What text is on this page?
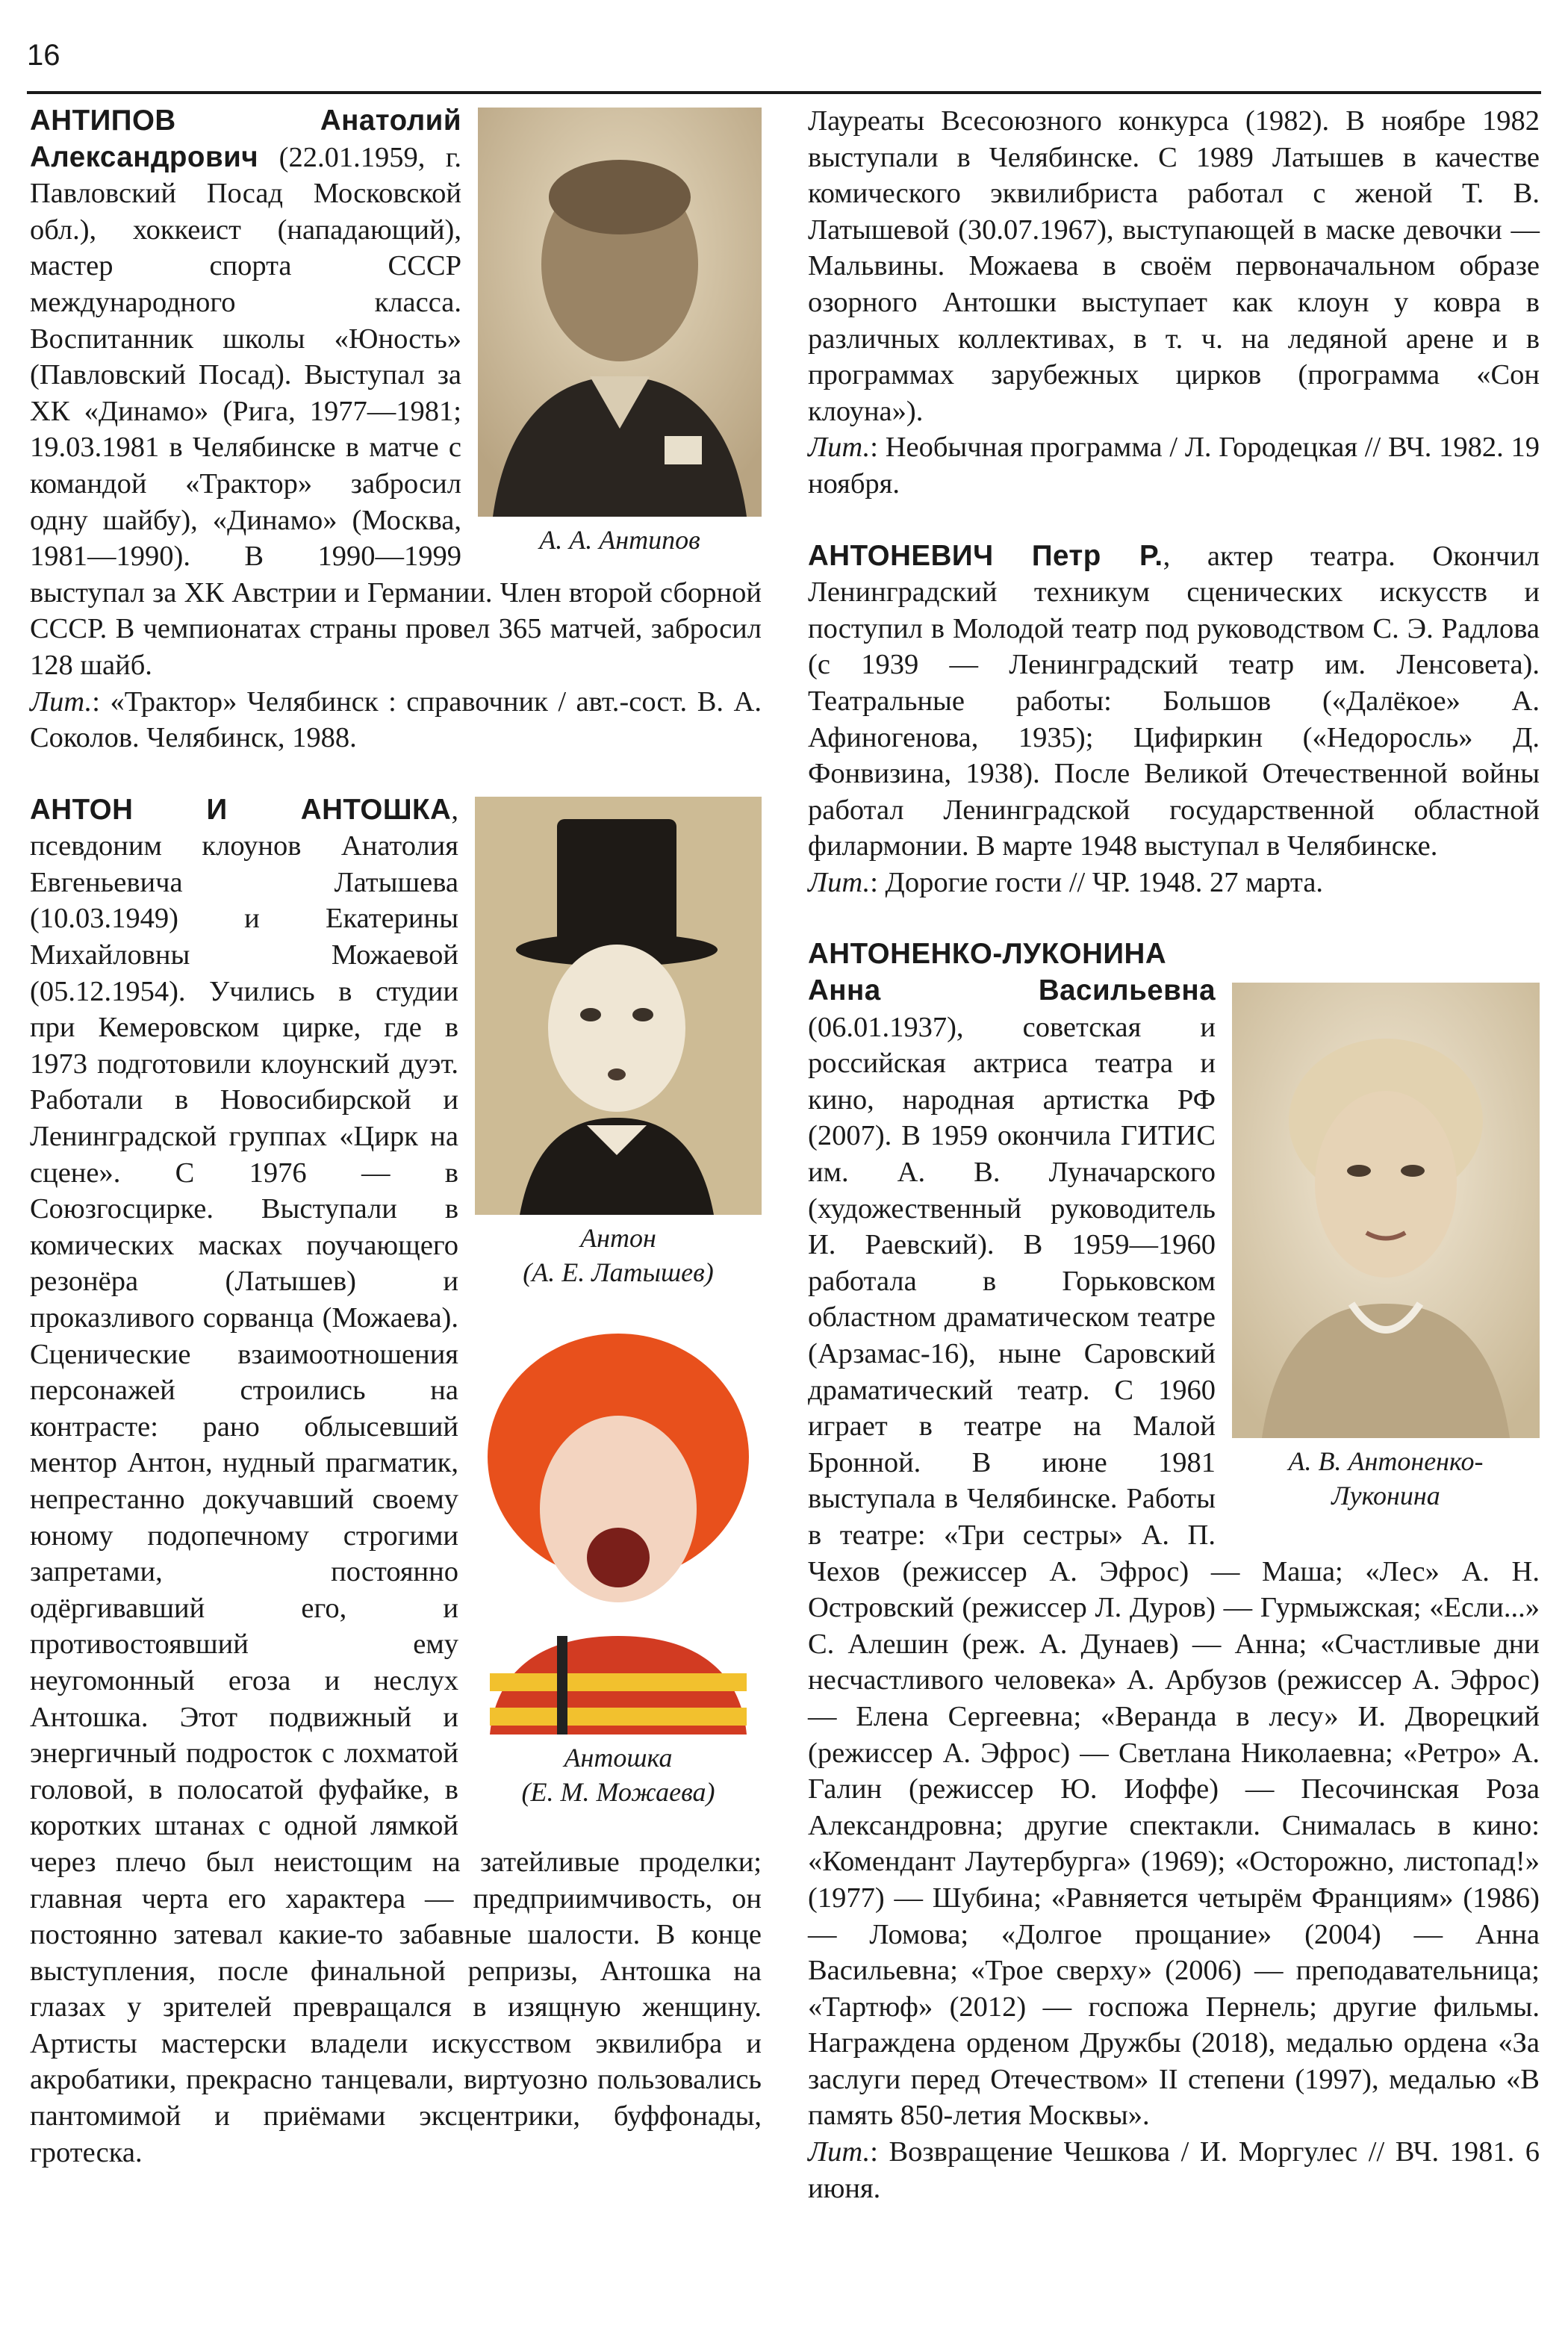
16
А. А. Антипов

АНТИПОВ Анатолий Александрович (22.01.1959, г. Павловский Посад Московской обл.), хоккеист (нападающий), мастер спорта СССР международного класса. Воспитанник школы «Юность» (Павловский Посад). Выступал за ХК «Динамо» (Рига, 1977—1981; 19.03.1981 в Челябинске в матче с командой «Трактор» забросил одну шайбу), «Динамо» (Москва, 1981—1990). В 1990—1999 выступал за ХК Австрии и Германии. Член второй сборной СССР. В чемпионатах страны провел 365 матчей, забросил 128 шайб.

Лит.: «Трактор» Челябинск : справочник / авт.-сост. В. А. Соколов. Челябинск, 1988.

Антон
(А. Е. Латышев)
Антошка
(Е. М. Можаева)

АНТОН И АНТОШКА, псевдоним клоунов Анатолия Евгеньевича Латышева (10.03.1949) и Екатерины Михайловны Можаевой (05.12.1954). Учились в студии при Кемеровском цирке, где в 1973 подготовили клоунский дуэт. Работали в Новосибирской и Ленинградской группах «Цирк на сцене». С 1976 — в Союзгосцирке. Выступали в комических масках поучающего резонёра (Латышев) и проказливого сорванца (Можаева). Сценические взаимоотношения персонажей строились на контрасте: рано облысевший ментор Антон, нудный прагматик, непрестанно докучавший своему юному подопечному строгими запретами, постоянно одёргивавший его, и противостоявший ему неугомонный егоза и неслух Антошка. Этот подвижный и энергичный подросток с лохматой головой, в полосатой фуфайке, в коротких штанах с одной лямкой через плечо был неистощим на затейливые проделки; главная черта его характера — предприимчивость, он постоянно затевал какие-то забавные шалости. В конце выступления, после финальной репризы, Антошка на глазах у зрителей превращался в изящную женщину. Артисты мастерски владели искусством эквилибра и акробатики, прекрасно танцевали, виртуозно пользовались пантомимой и приёмами эксцентрики, буффонады, гротеска.

Лауреаты Всесоюзного конкурса (1982). В ноябре 1982 выступали в Челябинске. С 1989 Латышев в качестве комического эквилибриста работал с женой Т. В. Латышевой (30.07.1967), выступающей в маске девочки — Мальвины. Можаева в своём первоначальном образе озорного Антошки выступает как клоун у ковра в различных коллективах, в т. ч. на ледяной арене и в программах зарубежных цирков (программа «Сон клоуна»).

Лит.: Необычная программа / Л. Городецкая // ВЧ. 1982. 19 ноября.

АНТОНЕВИЧ Петр Р., актер театра. Окончил Ленинградский техникум сценических искусств и поступил в Молодой театр под руководством С. Э. Радлова (с 1939 — Ленинградский театр им. Ленсовета). Театральные работы: Большов («Далёкое» А. Афиногенова, 1935); Цифиркин («Недоросль» Д. Фонвизина, 1938). После Великой Отечественной войны работал Ленинградской государственной областной филармонии. В марте 1948 выступал в Челябинске.

Лит.: Дорогие гости // ЧР. 1948. 27 марта.

А. В. Антоненко-
Луконина

АНТОНЕНКО-ЛУКОНИНА Анна Васильевна (06.01.1937), советская и российская актриса театра и кино, народная артистка РФ (2007). В 1959 окончила ГИТИС им. А. В. Луначарского (художественный руководитель И. Раевский). В 1959—1960 работала в Горьковском областном драматическом театре (Арзамас-16), ныне Саровский драматический театр. С 1960 играет в театре на Малой Бронной. В июне 1981 выступала в Челябинске. Работы в театре: «Три сестры» А. П. Чехов (режиссер А. Эфрос) — Маша; «Лес» А. Н. Островский (режиссер Л. Дуров) — Гурмыжская; «Если...» С. Алешин (реж. А. Дунаев) — Анна; «Счастливые дни несчастливого человека» А. Арбузов (режиссер А. Эфрос) — Елена Сергеевна; «Веранда в лесу» И. Дворецкий (режиссер А. Эфрос) — Светлана Николаевна; «Ретро» А. Галин (режиссер Ю. Иоффе) — Песочинская Роза Александровна; другие спектакли. Снималась в кино: «Комендант Лаутербурга» (1969); «Осторожно, листопад!» (1977) — Шубина; «Равняется четырём Франциям» (1986) — Ломова; «Долгое прощание» (2004) — Анна Васильевна; «Трое сверху» (2006) — преподавательница; «Тартюф» (2012) — госпожа Пернель; другие фильмы. Награждена орденом Дружбы (2018), медалью ордена «За заслуги перед Отечеством» II степени (1997), медалью «В память 850-летия Москвы».

Лит.: Возвращение Чешкова / И. Моргулес // ВЧ. 1981. 6 июня.
